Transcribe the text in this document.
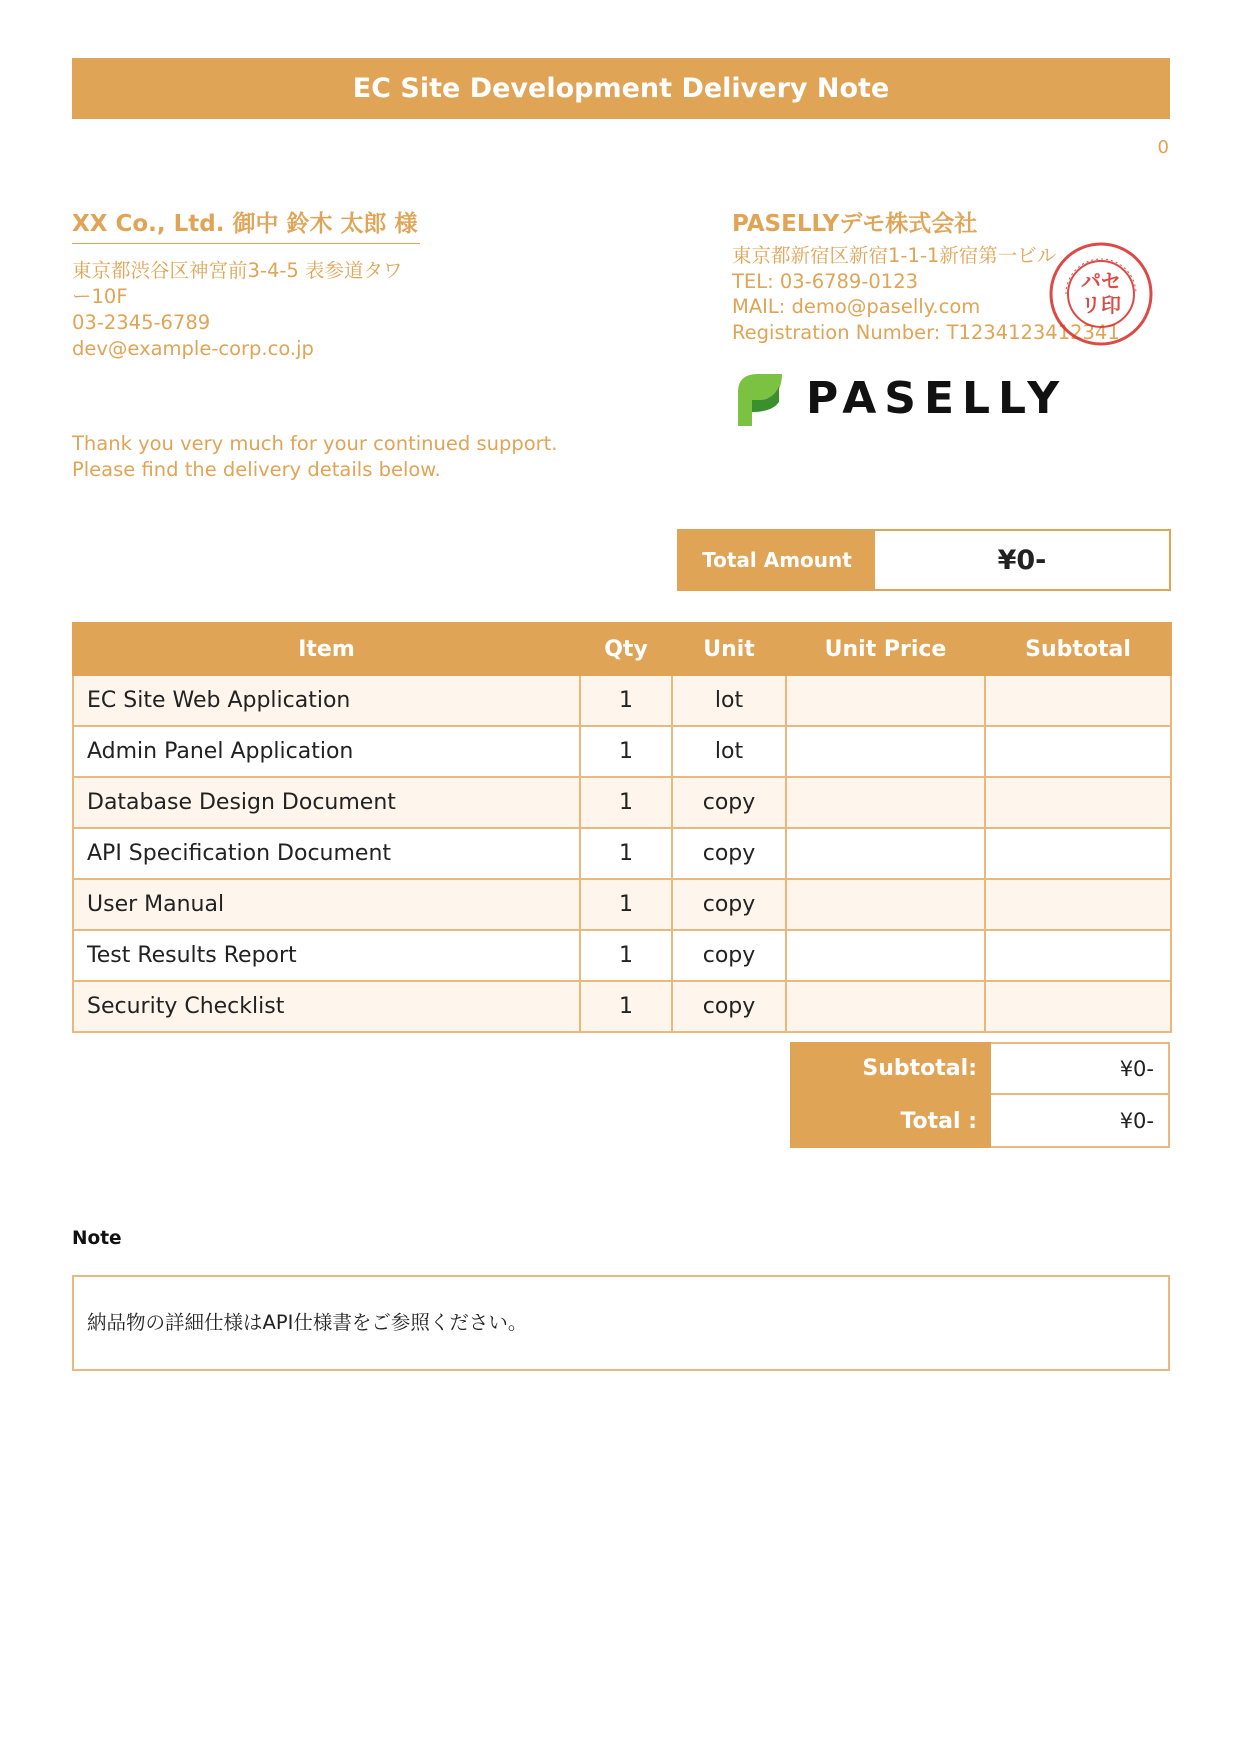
EC Site Development Delivery Note
0
XX Co., Ltd. 御中 鈴木 太郎 様
東京都渋谷区神宮前3-4-5 表参道タワー10F
03-2345-6789
dev@example-corp.co.jp
Thank you very much for your continued support.
Please find the delivery details below.
PASELLYデモ株式会社
東京都新宿区新宿1-1-1新宿第一ビル
TEL: 03-6789-0123
MAIL: demo@paselly.com
Registration Number: T1234123412341
パセ
リ印
PASELLY
Total Amount	¥0-
Item	Qty	Unit	Unit Price	Subtotal
EC Site Web Application	1	lot		
Admin Panel Application	1	lot		
Database Design Document	1	copy		
API Specification Document	1	copy		
User Manual	1	copy		
Test Results Report	1	copy		
Security Checklist	1	copy		
Subtotal:	¥0-
Total :	¥0-
Note
納品物の詳細仕様はAPI仕様書をご参照ください。
